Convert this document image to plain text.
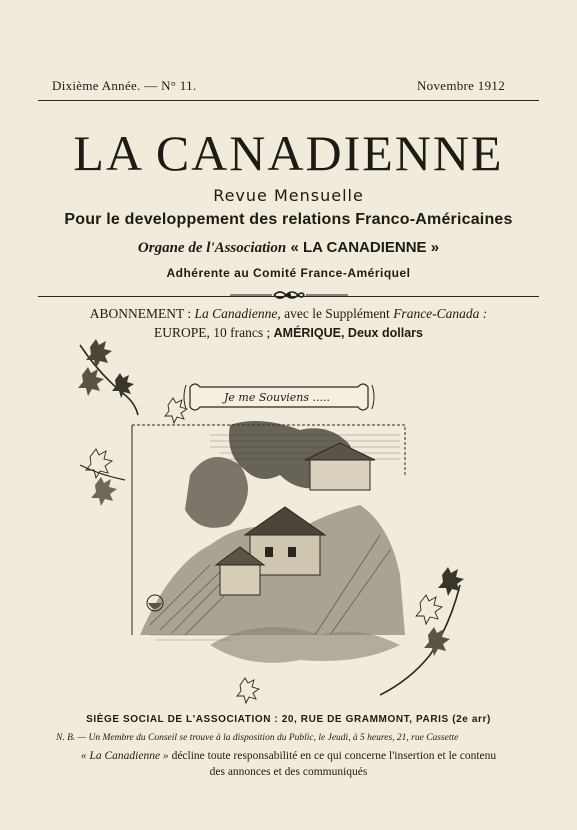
Dixième Année. — N° 11.	Novembre 1912
LA CANADIENNE
Revue Mensuelle
Pour le developpement des relations Franco-Américaines
Organe de l'Association « LA CANADIENNE »
Adhérente au Comité France-Amériquel
ABONNEMENT : La Canadienne, avec le Supplément France-Canada :
EUROPE, 10 francs ; AMÉRIQUE, Deux dollars
Je me Souviens .....
SIÈGE SOCIAL DE L'ASSOCIATION : 20, RUE DE GRAMMONT, PARIS (2e arr)
N. B. — Un Membre du Conseil se trouve à la disposition du Public, le Jeudi, à 5 heures, 21, rue Cassette
« La Canadienne » décline toute responsabilité en ce qui concerne l'insertion et le contenu
des annonces et des communiqués
